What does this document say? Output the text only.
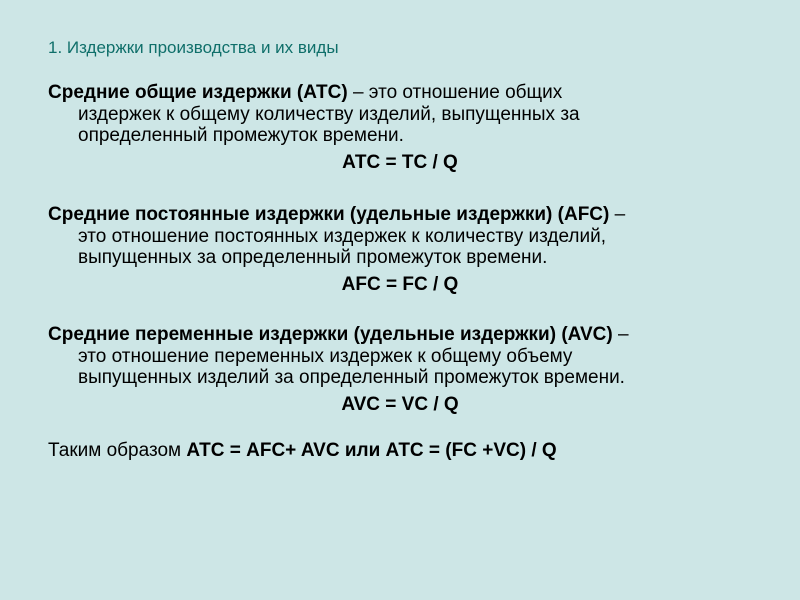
1. Издержки производства и их виды
Средние общие издержки (АТС) – это отношение общих
издержек к общему количеству изделий, выпущенных за
определенный промежуток времени.
АТС = ТС / Q
Средние постоянные издержки (удельные издержки) (AFC) –
это отношение постоянных издержек к количеству изделий,
выпущенных за определенный промежуток времени.
AFC = FC / Q
Средние переменные издержки (удельные издержки) (AVC) –
это отношение переменных издержек к общему объему
выпущенных изделий за определенный промежуток времени.
AVC = VC / Q
Таким образом АТС = AFC+ AVC или АТС = (FC +VC) / Q
